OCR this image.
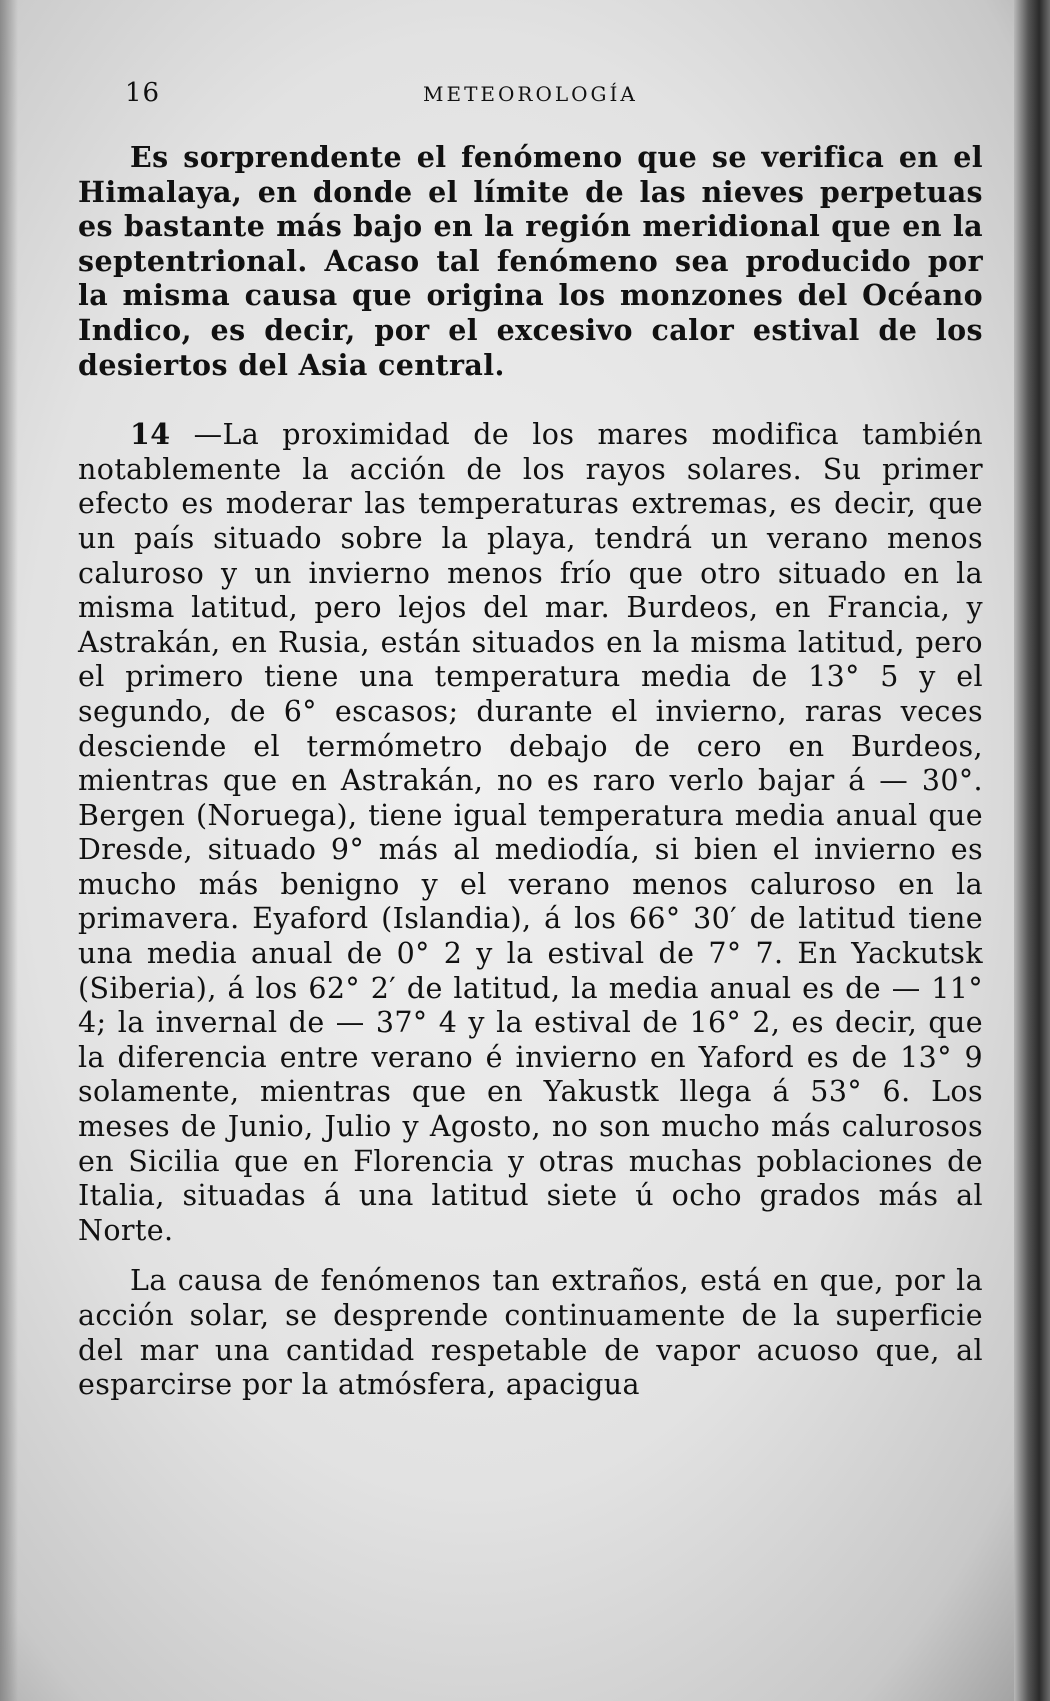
16	METEOROLOGÍA

Es sorprendente el fenómeno que se verifica en el Himalaya, en donde el límite de las nieves perpetuas es bastante más bajo en la región meridional que en la septentrional. Acaso tal fenómeno sea producido por la misma causa que origina los monzones del Océano Indico, es decir, por el excesivo calor estival de los desiertos del Asia central.

14 —La proximidad de los mares modifica también notablemente la acción de los rayos solares. Su primer efecto es moderar las temperaturas extremas, es decir, que un país situado sobre la playa, tendrá un verano menos caluroso y un invierno menos frío que otro situado en la misma latitud, pero lejos del mar. Burdeos, en Francia, y Astrakán, en Rusia, están situados en la misma latitud, pero el primero tiene una temperatura media de 13° 5 y el segundo, de 6° escasos; durante el invierno, raras veces desciende el termómetro debajo de cero en Burdeos, mientras que en Astrakán, no es raro verlo bajar á — 30°. Bergen (Noruega), tiene igual temperatura media anual que Dresde, situado 9° más al mediodía, si bien el invierno es mucho más benigno y el verano menos caluroso en la primavera. Eyaford (Islandia), á los 66° 30′ de latitud tiene una media anual de 0° 2 y la estival de 7° 7. En Yackutsk (Siberia), á los 62° 2′ de latitud, la media anual es de — 11° 4; la invernal de — 37° 4 y la estival de 16° 2, es decir, que la diferencia entre verano é invierno en Yaford es de 13° 9 solamente, mientras que en Yakustk llega á 53° 6. Los meses de Junio, Julio y Agosto, no son mucho más calurosos en Sicilia que en Florencia y otras muchas poblaciones de Italia, situadas á una latitud siete ú ocho grados más al Norte.

La causa de fenómenos tan extraños, está en que, por la acción solar, se desprende continuamente de la superficie del mar una cantidad respetable de vapor acuoso que, al esparcirse por la atmósfera, apacigua
